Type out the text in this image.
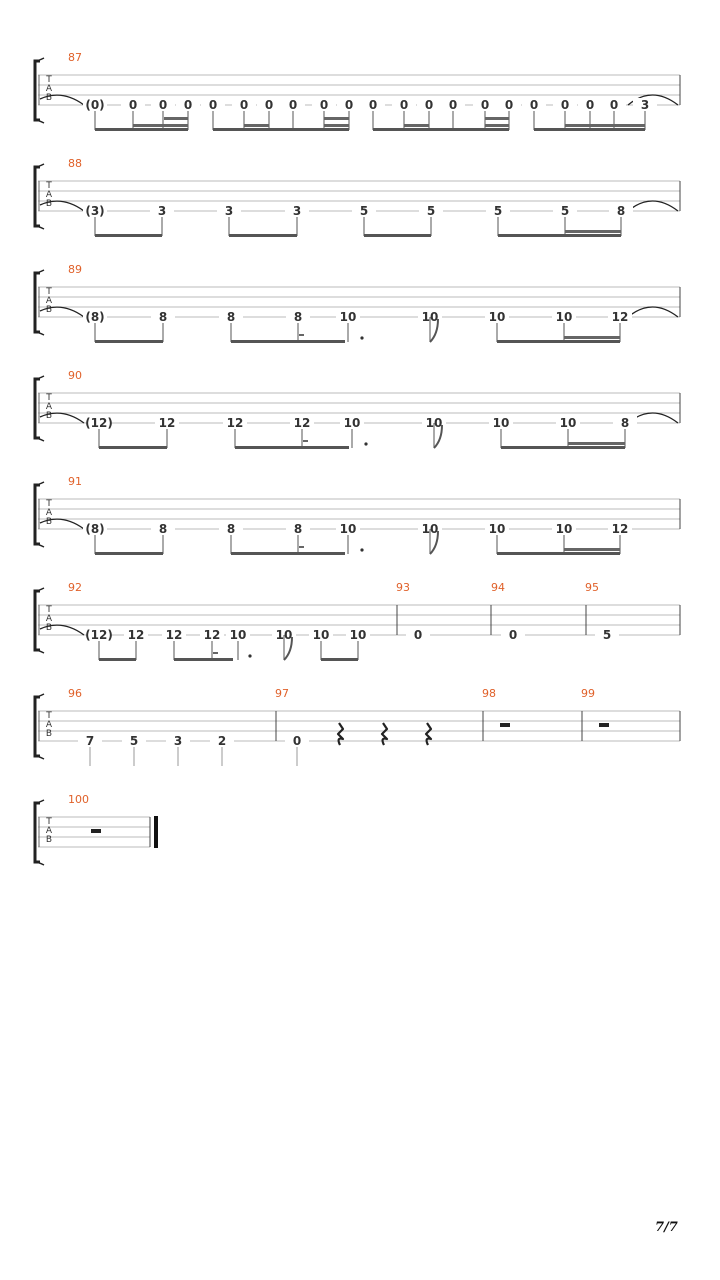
T
A
B
87
(0) 0 0 0 0 0 0 0 0 0 0 0 0 0 0 0 0 0 0 0 3
T
A
B
88
(3)	3	3	3	5	5	5	5	8
T
A
B
89
(8)	8	8	8	10	10	10	10	12
T
A
B
90
(12)	12	12	12	10	10	10	10	8
T
A
B
91
(8)	8	8	8	10	10	10	10	12
T
A
B
92	93	94	95
(12) 12 12 12 10 10 10 10	0	0	5
T
A
B
96	97	98	99
7	5	3	2	0
T
A
B
100
7/7
